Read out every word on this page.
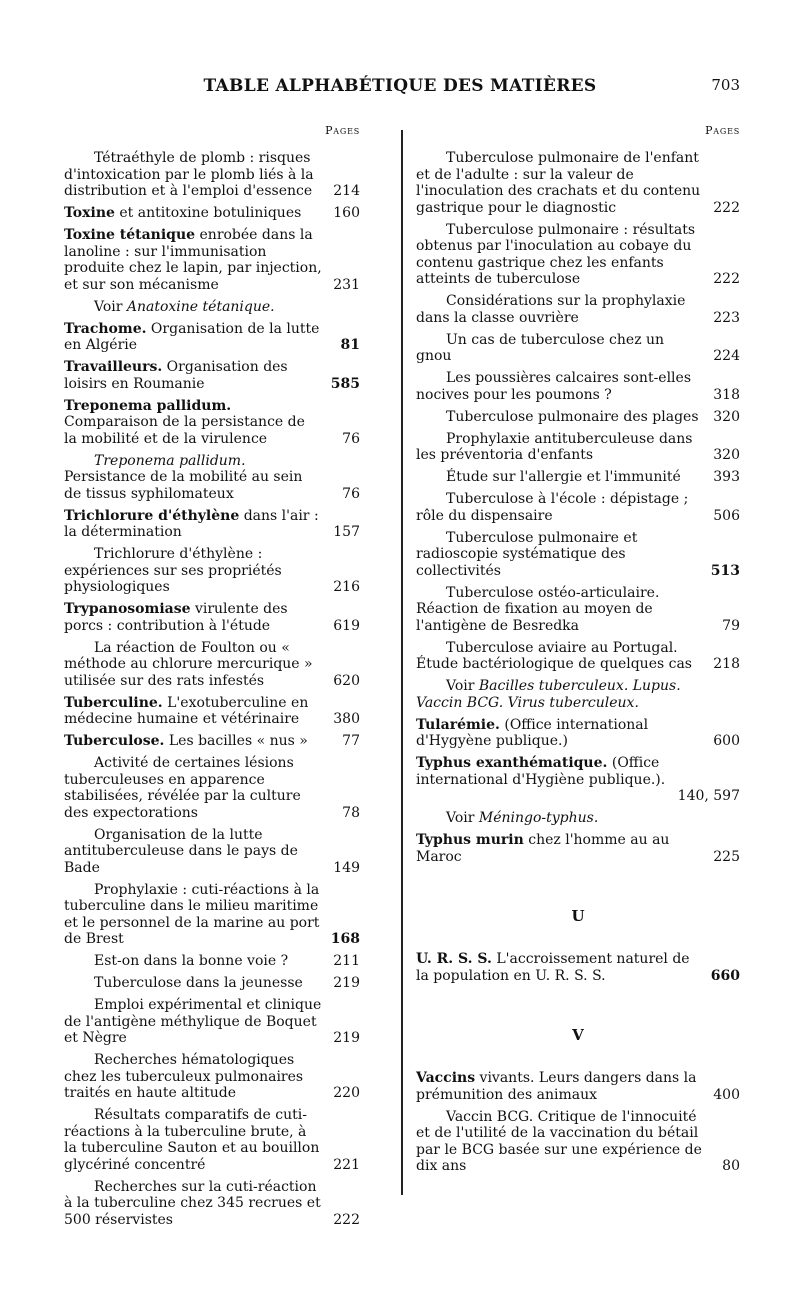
TABLE ALPHABÉTIQUE DES MATIÈRES	703
Pages	Pages
Tétraéthyle de plomb : risques d'intoxication par le plomb liés à la distribution et à l'emploi d'essence	214
Toxine et antitoxine botuliniques	160
Toxine tétanique enrobée dans la lanoline : sur l'immunisation produite chez le lapin, par injection, et sur son mécanisme	231
Voir Anatoxine tétanique.
Trachome. Organisation de la lutte en Algérie	81
Travailleurs. Organisation des loisirs en Roumanie	585
Treponema pallidum. Comparaison de la persistance de la mobilité et de la virulence	76
Treponema pallidum. Persistance de la mobilité au sein de tissus syphilomateux	76
Trichlorure d'éthylène dans l'air : la détermination	157
Trichlorure d'éthylène : expériences sur ses propriétés physiologiques	216
Trypanosomiase virulente des porcs : contribution à l'étude	619
La réaction de Foulton ou « méthode au chlorure mercurique » utilisée sur des rats infestés	620
Tuberculine. L'exotuberculine en médecine humaine et vétérinaire	380
Tuberculose. Les bacilles « nus »	77
Activité de certaines lésions tuberculeuses en apparence stabilisées, révélée par la culture des expectorations	78
Organisation de la lutte antituberculeuse dans le pays de Bade	149
Prophylaxie : cuti-réactions à la tuberculine dans le milieu maritime et le personnel de la marine au port de Brest	168
Est-on dans la bonne voie ?	211
Tuberculose dans la jeunesse	219
Emploi expérimental et clinique de l'antigène méthylique de Boquet et Nègre	219
Recherches hématologiques chez les tuberculeux pulmonaires traités en haute altitude	220
Résultats comparatifs de cuti-réactions à la tuberculine brute, à la tuberculine Sauton et au bouillon glycériné concentré	221
Recherches sur la cuti-réaction à la tuberculine chez 345 recrues et 500 réservistes	222
Tuberculose pulmonaire de l'enfant et de l'adulte : sur la valeur de l'inoculation des crachats et du contenu gastrique pour le diagnostic	222
Tuberculose pulmonaire : résultats obtenus par l'inoculation au cobaye du contenu gastrique chez les enfants atteints de tuberculose	222
Considérations sur la prophylaxie dans la classe ouvrière	223
Un cas de tuberculose chez un gnou	224
Les poussières calcaires sont-elles nocives pour les poumons ?	318
Tuberculose pulmonaire des plages	320
Prophylaxie antituberculeuse dans les préventoria d'enfants	320
Étude sur l'allergie et l'immunité	393
Tuberculose à l'école : dépistage ; rôle du dispensaire	506
Tuberculose pulmonaire et radioscopie systématique des collectivités	513
Tuberculose ostéo-articulaire. Réaction de fixation au moyen de l'antigène de Besredka	79
Tuberculose aviaire au Portugal. Étude bactériologique de quelques cas	218
Voir Bacilles tuberculeux. Lupus. Vaccin BCG. Virus tuberculeux.
Tularémie. (Office international d'Hygyène publique.)	600
Typhus exanthématique. (Office international d'Hygiène publique.).
140, 597
Voir Méningo-typhus.
Typhus murin chez l'homme au au Maroc	225
U
U. R. S. S. L'accroissement naturel de la population en U. R. S. S.	660
V
Vaccins vivants. Leurs dangers dans la prémunition des animaux	400
Vaccin BCG. Critique de l'innocuité et de l'utilité de la vaccination du bétail par le BCG basée sur une expérience de dix ans	80
